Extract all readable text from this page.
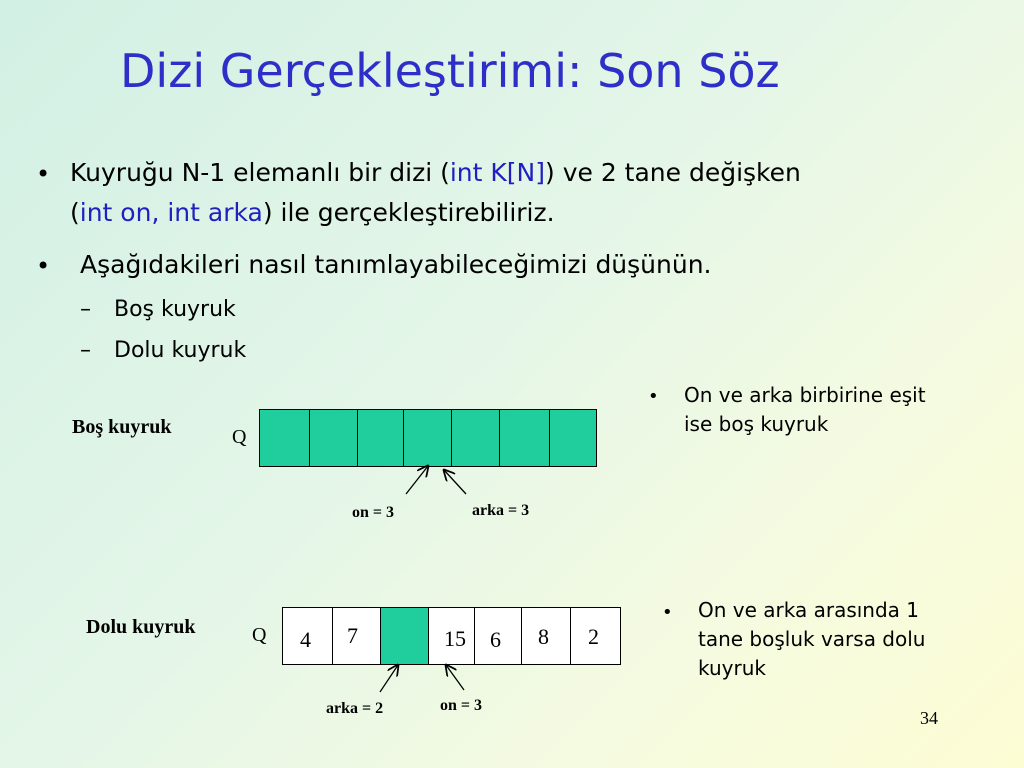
Dizi Gerçekleştirimi: Son Söz
• Kuyruğu N-1 elemanlı bir dizi (int K[N]) ve 2 tane değişken
(int on, int arka) ile gerçekleştirebiliriz.
• Aşağıdakileri nasıl tanımlayabileceğimizi düşünün.
– Boş kuyruk
– Dolu kuyruk
• On ve arka birbirine eşit ise boş kuyruk
Boş kuyruk	Q
on = 3	arka = 3
• On ve arka arasında 1 tane boşluk varsa dolu kuyruk
Dolu kuyruk	Q 4 7	15 6 8 2
arka = 2	on = 3
34
